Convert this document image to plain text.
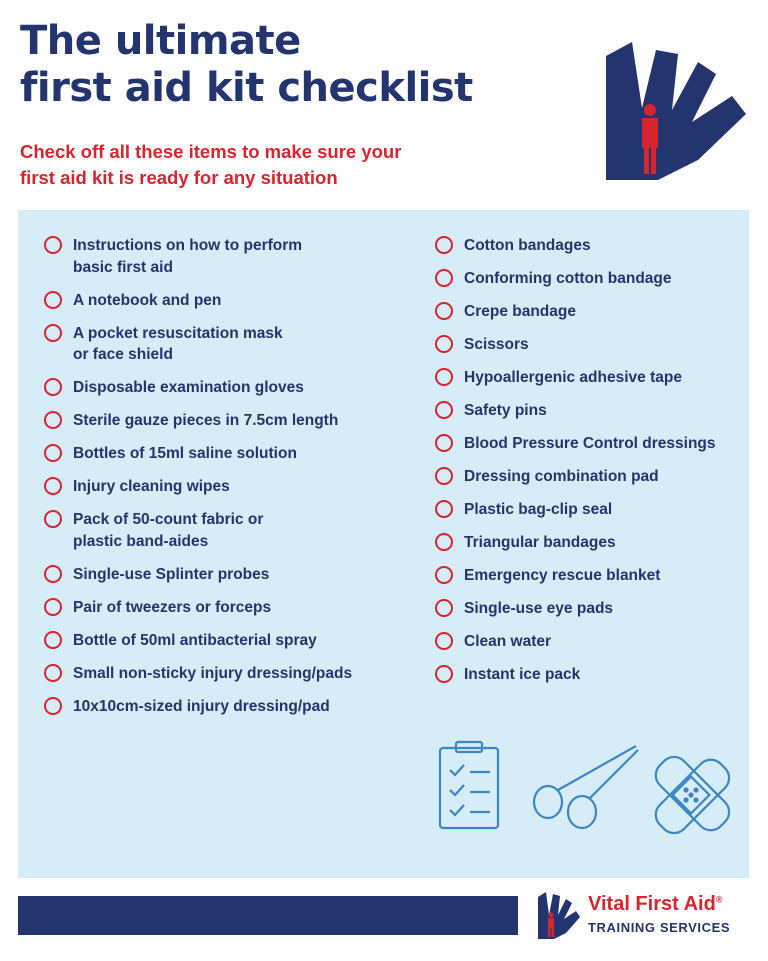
The ultimate
first aid kit checklist
Check off all these items to make sure your
first aid kit is ready for any situation
Instructions on how to perform
basic first aid
A notebook and pen
A pocket resuscitation mask
or face shield
Disposable examination gloves
Sterile gauze pieces in 7.5cm length
Bottles of 15ml saline solution
Injury cleaning wipes
Pack of 50-count fabric or
plastic band-aides
Single-use Splinter probes
Pair of tweezers or forceps
Bottle of 50ml antibacterial spray
Small non-sticky injury dressing/pads
10x10cm-sized injury dressing/pad
Cotton bandages
Conforming cotton bandage
Crepe bandage
Scissors
Hypoallergenic adhesive tape
Safety pins
Blood Pressure Control dressings
Dressing combination pad
Plastic bag-clip seal
Triangular bandages
Emergency rescue blanket
Single-use eye pads
Clean water
Instant ice pack
Vital First Aid®
TRAINING SERVICES
